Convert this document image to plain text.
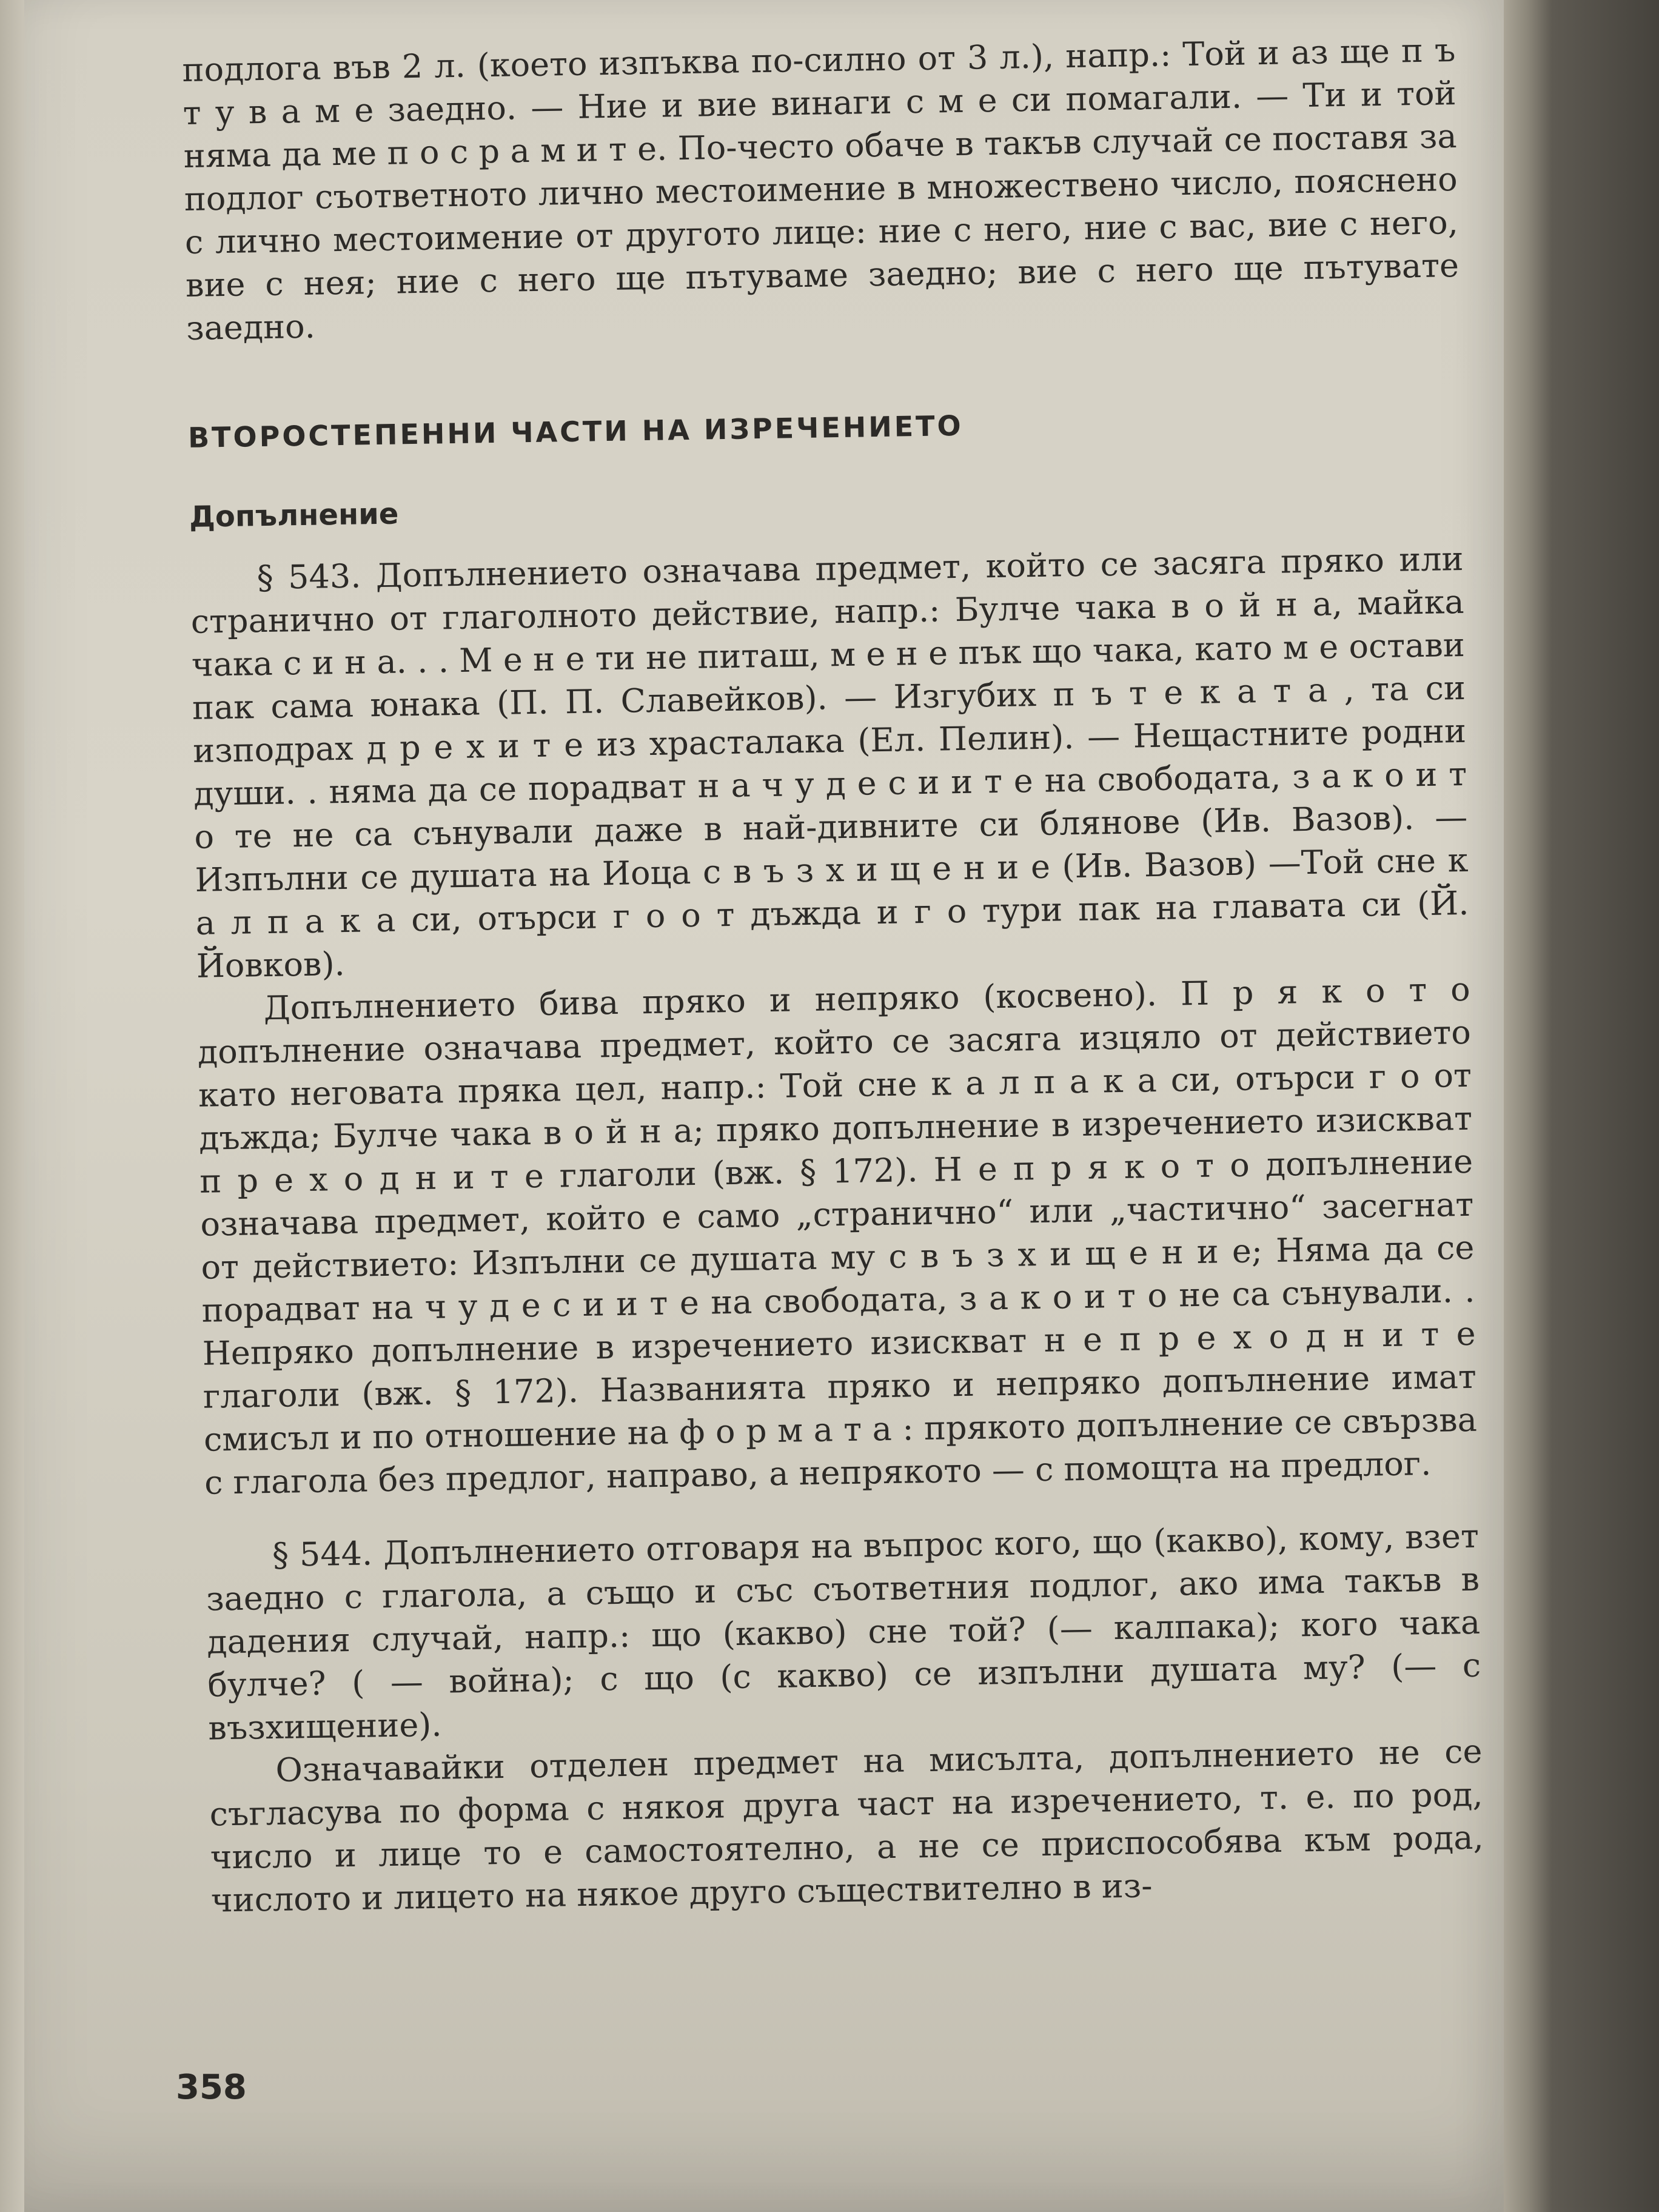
подлога във 2 л. (което изпъква по-силно от 3 л.), напр.: Той и аз ще п ъ т у в а м е заедно. — Ние и вие винаги с м е си помагали. — Ти и той няма да ме п о с р а м и т е. По-често обаче в такъв случай се поставя за подлог съответното лично местоимение в множествено число, пояснено с лично местоимение от другото лице: ние с него, ние с вас, вие с него, вие с нея; ние с него ще пътуваме заедно; вие с него ще пътувате заедно.

ВТОРОСТЕПЕННИ ЧАСТИ НА ИЗРЕЧЕНИЕТО
Допълнение

§ 543. Допълнението означава предмет, който се засяга пряко или странично от глаголното действие, напр.: Булче чака в о й н а, майка чака с и н а. . . М е н е ти не питаш, м е н е пък що чака, като м е остави пак сама юнака (П. П. Славейков). — Изгубих п ъ т е к а т а , та си изподрах д р е х и т е из храсталака (Ел. Пелин). — Нещастните родни души. . няма да се порадват н а ч у д е с и и т е на свободата, з а к о и т о те не са сънували даже в най-дивните си блянове (Ив. Вазов). — Изпълни се душата на Иоца с в ъ з х и щ е н и е (Ив. Вазов) —Той сне к а л п а к а си, отърси г о о т дъжда и г о тури пак на главата си (Й. Йовков).

Допълнението бива пряко и непряко (косвено). П р я к о т о допълнение означава предмет, който се засяга изцяло от действието като неговата пряка цел, напр.: Той сне к а л п а к а си, отърси г о от дъжда; Булче чака в о й н а; пряко допълнение в изречението изискват п р е х о д н и т е глаголи (вж. § 172). Н е п р я к о т о допълнение означава предмет, който е само „странично“ или „частично“ засегнат от действието: Изпълни се душата му с в ъ з х и щ е н и е; Няма да се порадват на ч у д е с и и т е на свободата, з а к о и т о не са сънували. . Непряко допълнение в изречението изискват н е п р е х о д н и т е глаголи (вж. § 172). Названията пряко и непряко допълнение имат смисъл и по отношение на ф о р м а т а : прякото допълнение се свързва с глагола без предлог, направо, а непрякото — с помощта на предлог.

§ 544. Допълнението отговаря на въпрос кого, що (какво), кому, взет заедно с глагола, а също и със съответния подлог, ако има такъв в дадения случай, напр.: що (какво) сне той? (— калпака); кого чака булче? ( — война); с що (с какво) се изпълни душата му? (— с възхищение).

Означавайки отделен предмет на мисълта, допълнението не се съгласува по форма с някоя друга част на изречението, т. е. по род, число и лице то е самостоятелно, а не се приспособява към рода, числото и лицето на някое друго съществително в из-

358
